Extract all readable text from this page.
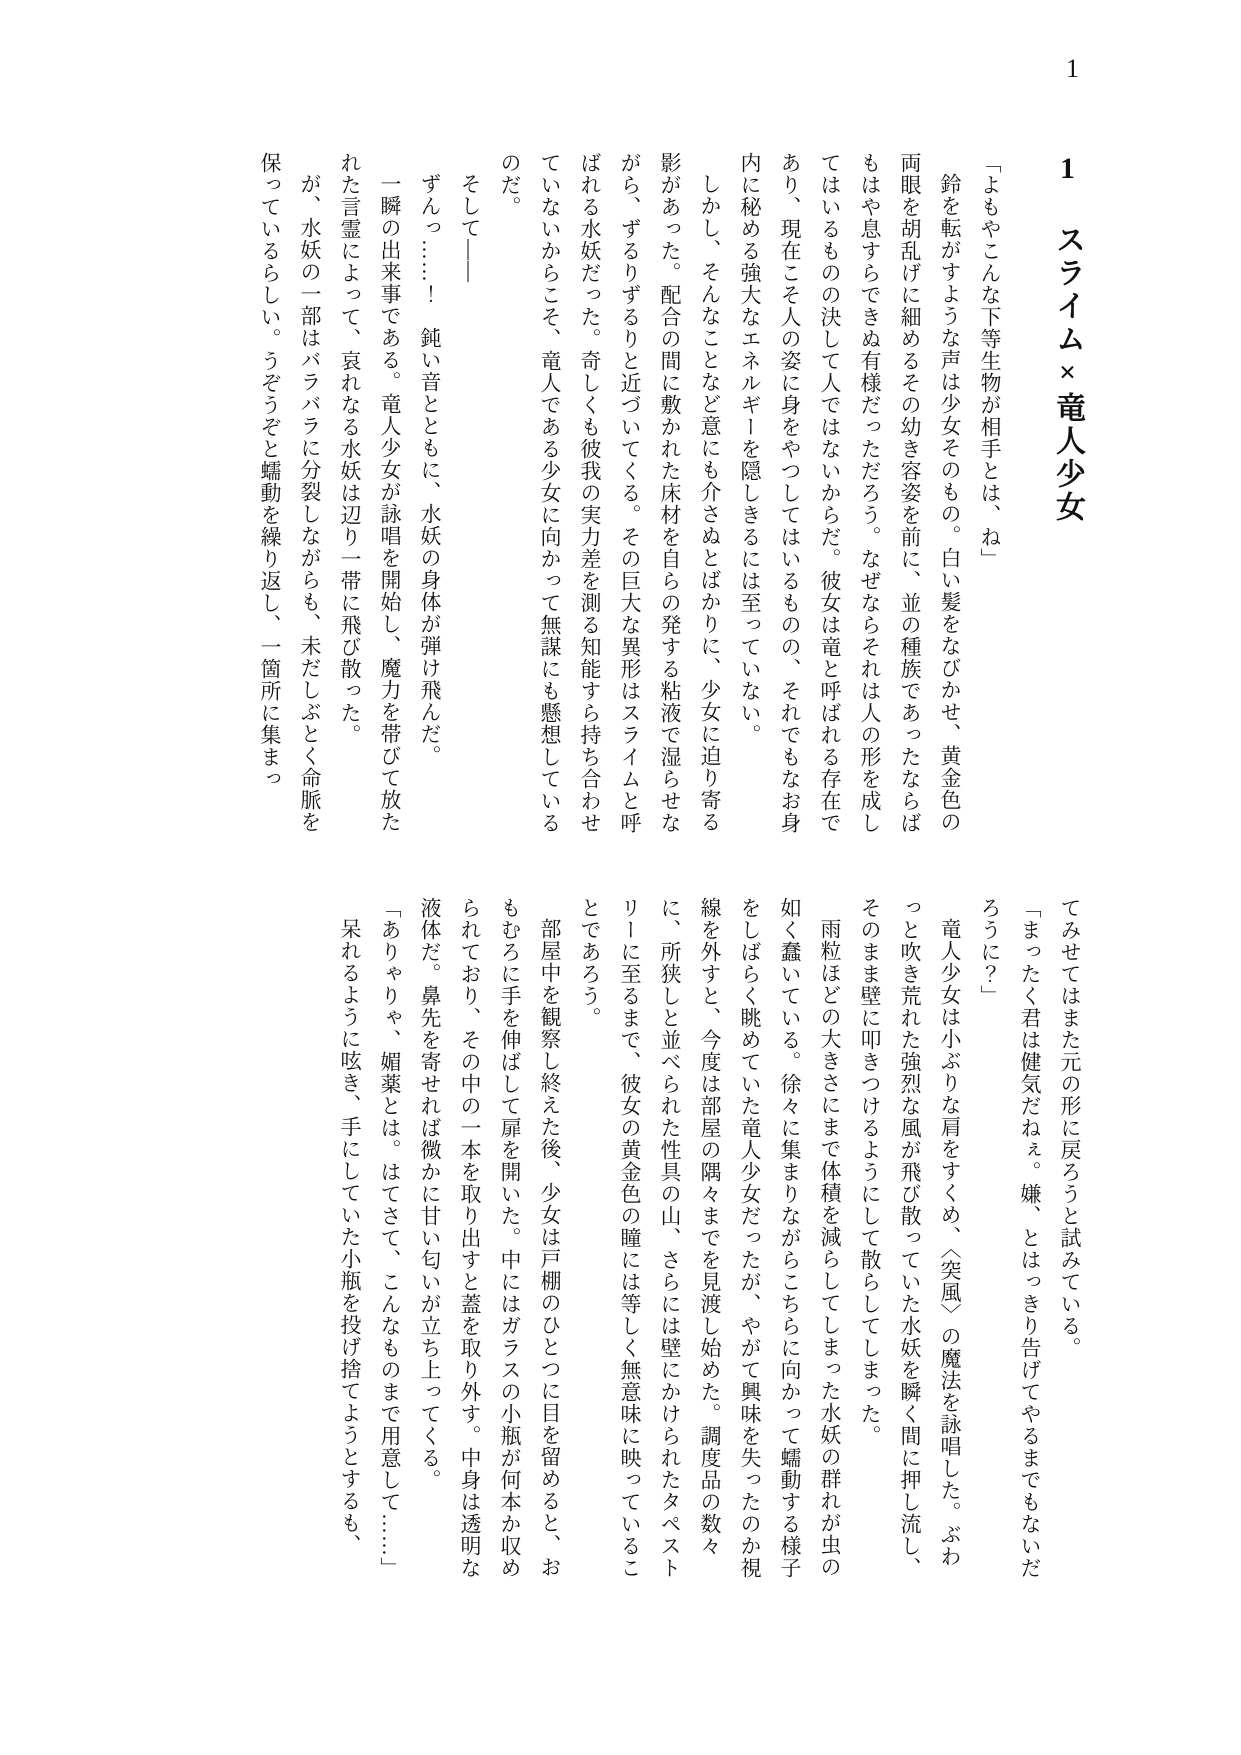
1
1 スライム×竜人少女

「よもやこんな下等生物が相手とは、ね」

鈴を転がすような声は少女そのもの。白い髪をなびかせ、黄金色の両眼を胡乱げに細めるその幼き容姿を前に、並の種族であったならばもはや息すらできぬ有様だっただろう。なぜならそれは人の形を成してはいるものの決して人ではないからだ。彼女は竜と呼ばれる存在であり、現在こそ人の姿に身をやつしてはいるものの、それでもなお身内に秘める強大なエネルギーを隠しきるには至っていない。

しかし、そんなことなど意にも介さぬとばかりに、少女に迫り寄る影があった。配合の間に敷かれた床材を自らの発する粘液で湿らせながら、ずるりずるりと近づいてくる。その巨大な異形はスライムと呼ばれる水妖だった。奇しくも彼我の実力差を測る知能すら持ち合わせていないからこそ、竜人である少女に向かって無謀にも懸想しているのだ。

そして――

ずんっ……！　鈍い音とともに、水妖の身体が弾け飛んだ。

一瞬の出来事である。竜人少女が詠唱を開始し、魔力を帯びて放たれた言霊によって、哀れなる水妖は辺り一帯に飛び散った。

が、水妖の一部はバラバラに分裂しながらも、未だしぶとく命脈を保っているらしい。うぞうぞと蠕動を繰り返し、一箇所に集まっ

てみせてはまた元の形に戻ろうと試みている。

「まったく君は健気だねぇ。嫌、とはっきり告げてやるまでもないだろうに？」

竜人少女は小ぶりな肩をすくめ、〈突風〉の魔法を詠唱した。ぶわっと吹き荒れた強烈な風が飛び散っていた水妖を瞬く間に押し流し、そのまま壁に叩きつけるようにして散らしてしまった。

雨粒ほどの大きさにまで体積を減らしてしまった水妖の群れが虫の如く蠢いている。徐々に集まりながらこちらに向かって蠕動する様子をしばらく眺めていた竜人少女だったが、やがて興味を失ったのか視線を外すと、今度は部屋の隅々までを見渡し始めた。調度品の数々に、所狭しと並べられた性具の山、さらには壁にかけられたタペストリーに至るまで、彼女の黄金色の瞳には等しく無意味に映っていることであろう。

部屋中を観察し終えた後、少女は戸棚のひとつに目を留めると、おもむろに手を伸ばして扉を開いた。中にはガラスの小瓶が何本か収められており、その中の一本を取り出すと蓋を取り外す。中身は透明な液体だ。鼻先を寄せれば微かに甘い匂いが立ち上ってくる。

「ありゃりゃ、媚薬とは。はてさて、こんなものまで用意して……」

呆れるように呟き、手にしていた小瓶を投げ捨てようとするも、
